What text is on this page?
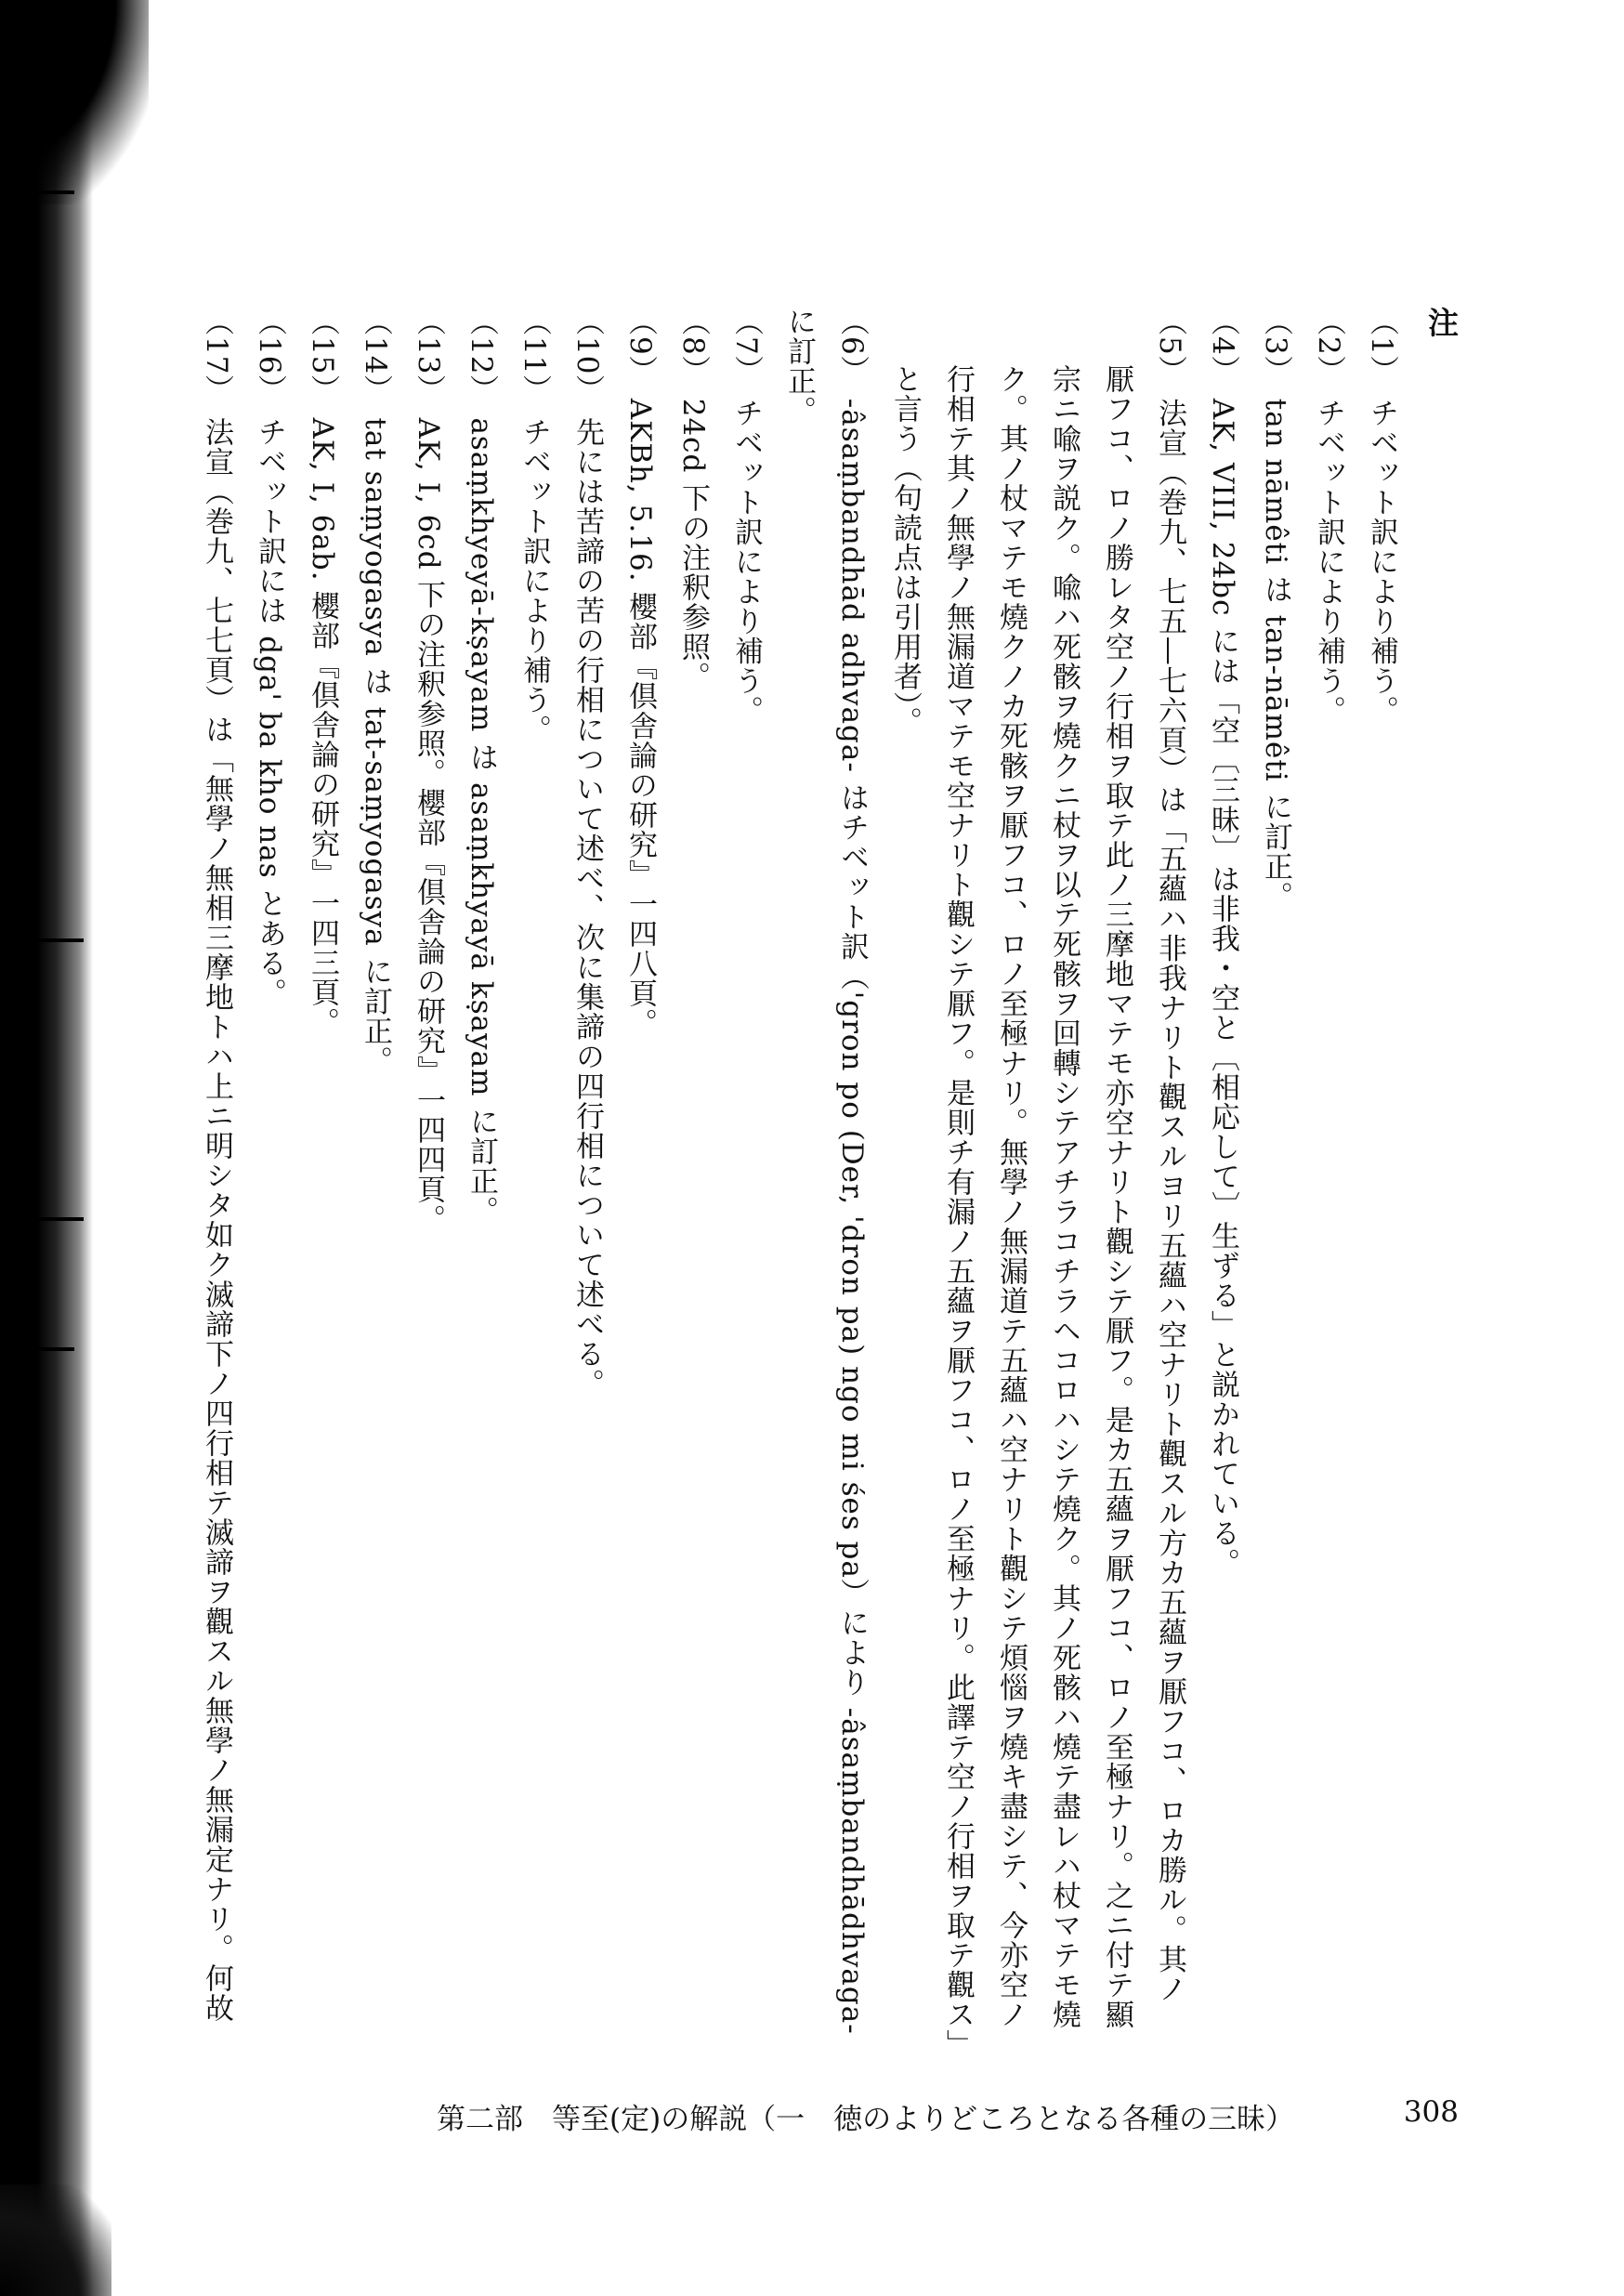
注
（1）チベット訳により補う。
（2）チベット訳により補う。
（3）tan nāmêti は tan-nāmêti に訂正。
（4）AK, VIII, 24bc には「空〔三昧〕は非我・空と〔相応して〕生ずる」と説かれている。
（5）法宣（巻九、七五—七六頁）は「五蘊ハ非我ナリト觀スルヨリ五蘊ハ空ナリト觀スル方カ五蘊ヲ厭フコ、ロカ勝ル。其ノ
厭フコ、ロノ勝レタ空ノ行相ヲ取テ此ノ三摩地マテモ亦空ナリト觀シテ厭フ。是カ五蘊ヲ厭フコ、ロノ至極ナリ。之ニ付テ顯
宗ニ喩ヲ説ク。喩ハ死骸ヲ燒クニ杖ヲ以テ死骸ヲ回轉シテアチラコチラヘコロハシテ燒ク。其ノ死骸ハ燒テ盡レハ杖マテモ燒
ク。其ノ杖マテモ燒クノカ死骸ヲ厭フコ、ロノ至極ナリ。無學ノ無漏道テ五蘊ハ空ナリト觀シテ煩惱ヲ燒キ盡シテ、今亦空ノ
行相テ其ノ無學ノ無漏道マテモ空ナリト觀シテ厭フ。是則チ有漏ノ五蘊ヲ厭フコ、ロノ至極ナリ。此譯テ空ノ行相ヲ取テ觀ス」
と言う（句読点は引用者）。
（6）-âsaṃbandhād adhvaga- はチベット訳（'gron po (Der, 'dron pa) ngo mi śes pa）により -âsaṃbandhādhvaga- に訂正。
（7）チベット訳により補う。
（8）24cd 下の注釈参照。
（9）AKBh, 5.16. 櫻部『倶舎論の研究』一四八頁。
（10）先には苦諦の苦の行相について述べ、次に集諦の四行相について述べる。
（11）チベット訳により補う。
（12）asaṃkhyeyā-kṣayam は asaṃkhyayā kṣayam に訂正。
（13）AK, I, 6cd 下の注釈参照。櫻部『倶舎論の研究』一四四頁。
（14）tat saṃyogasya は tat-saṃyogasya に訂正。
（15）AK, I, 6ab. 櫻部『倶舎論の研究』一四三頁。
（16）チベット訳には dga' ba kho nas とある。
（17）法宣（巻九、七七頁）は「無學ノ無相三摩地トハ上ニ明シタ如ク滅諦下ノ四行相テ滅諦ヲ觀スル無學ノ無漏定ナリ。何故
第二部　等至(定)の解説（一　徳のよりどころとなる各種の三昧）	308
